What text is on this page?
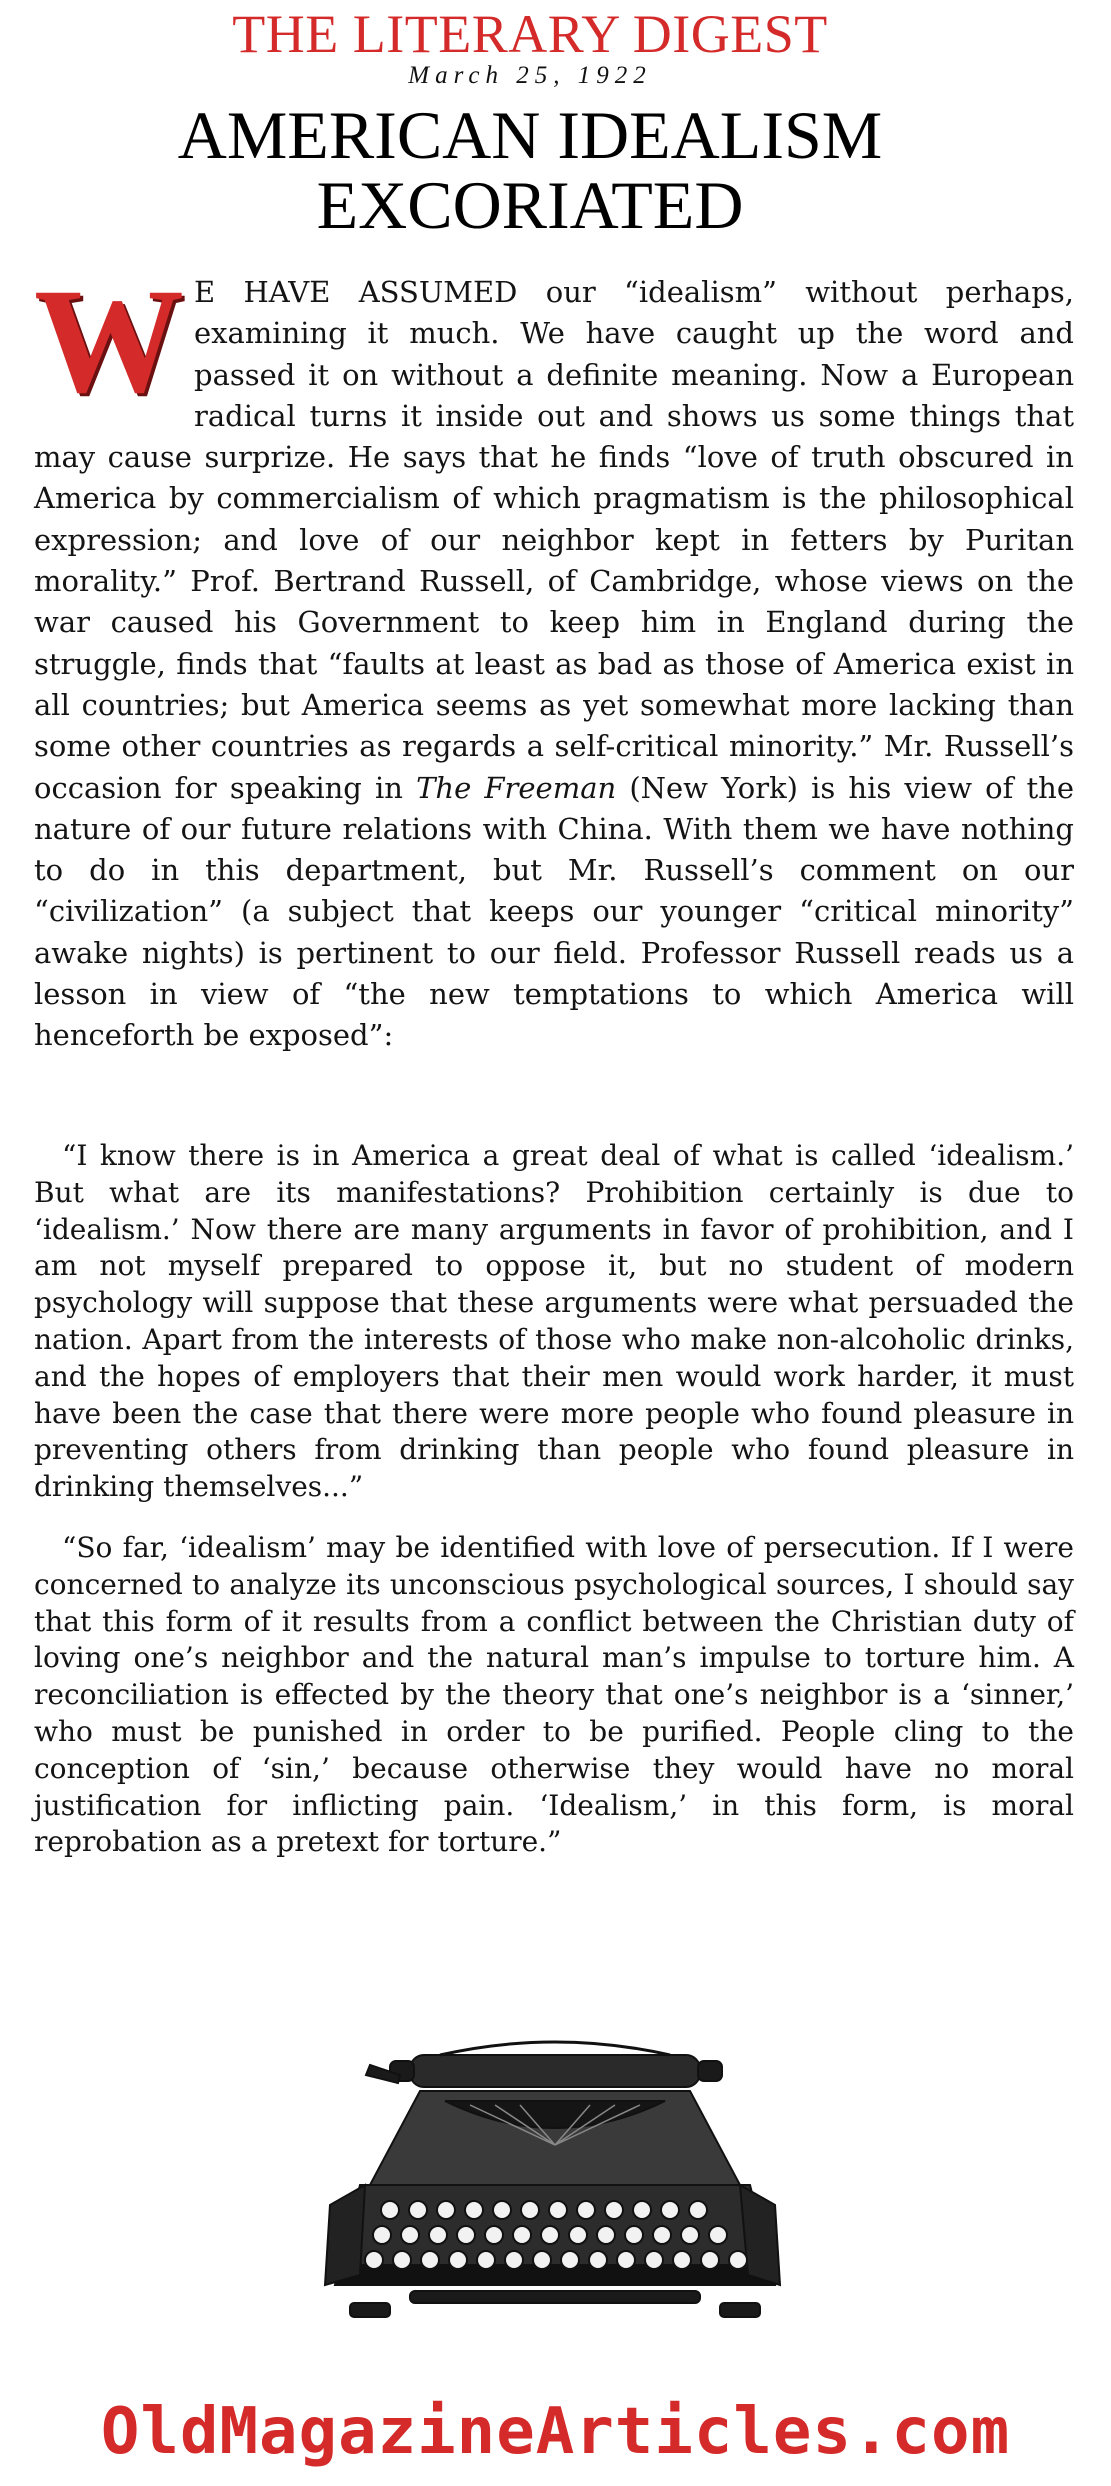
THE LITERARY DIGEST
March 25, 1922
AMERICAN IDEALISM
EXCORIATED

W E HAVE ASSUMED our “idealism” without perhaps, examining it much. We have caught up the word and passed it on without a definite meaning. Now a European radical turns it inside out and shows us some things that may cause surprize. He says that he finds “love of truth obscured in America by commercialism of which pragmatism is the philosophical expression; and love of our neighbor kept in fetters by Puritan morality.” Prof. Bertrand Russell, of Cambridge, whose views on the war caused his Government to keep him in England during the struggle, finds that “faults at least as bad as those of America exist in all countries; but America seems as yet somewhat more lacking than some other countries as regards a self-critical minority.” Mr. Russell’s occasion for speaking in The Freeman (New York) is his view of the nature of our future relations with China. With them we have nothing to do in this department, but Mr. Russell’s comment on our “civilization” (a subject that keeps our younger “critical minority” awake nights) is pertinent to our field. Professor Russell reads us a lesson in view of “the new temptations to which America will henceforth be exposed”:

“I know there is in America a great deal of what is called ‘idealism.’ But what are its manifestations? Prohibition certainly is due to ‘idealism.’ Now there are many arguments in favor of prohibition, and I am not myself prepared to oppose it, but no student of modern psychology will suppose that these arguments were what persuaded the nation. Apart from the interests of those who make non-alcoholic drinks, and the hopes of employers that their men would work harder, it must have been the case that there were more people who found pleasure in preventing others from drinking than people who found pleasure in drinking themselves...”

“So far, ‘idealism’ may be identified with love of persecution. If I were concerned to analyze its unconscious psychological sources, I should say that this form of it results from a conflict between the Christian duty of loving one’s neighbor and the natural man’s impulse to torture him. A reconciliation is effected by the theory that one’s neighbor is a ‘sinner,’ who must be punished in order to be purified. People cling to the conception of ‘sin,’ because otherwise they would have no moral justification for inflicting pain. ‘Idealism,’ in this form, is moral reprobation as a pretext for torture.”

OldMagazineArticles.com
